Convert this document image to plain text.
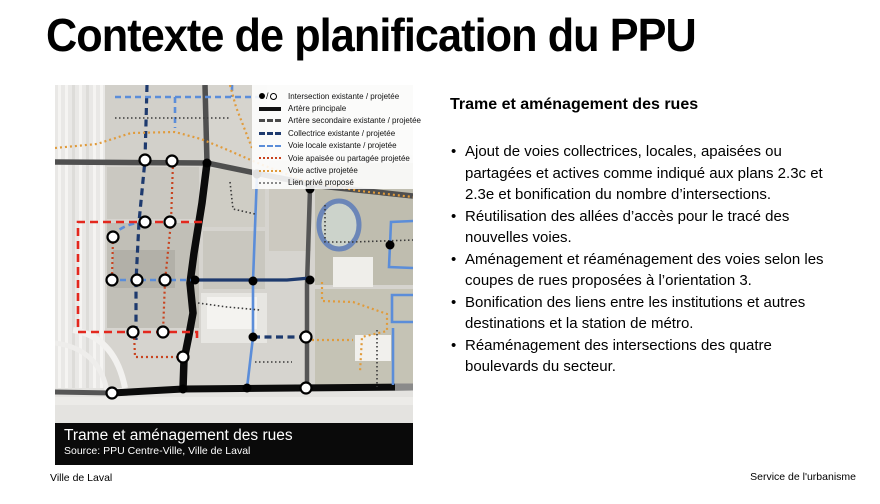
Contexte de planification du PPU
/	Intersection existante / projetée
Artère principale
Artère secondaire existante / projetée
Collectrice existante / projetée
Voie locale existante / projetée
Voie apaisée ou partagée projetée
Voie active projetée
Lien privé proposé
Trame et aménagement des rues
Source: PPU Centre-Ville, Ville de Laval
Trame et aménagement des rues
• Ajout de voies collectrices, locales, apaisées ou partagées et actives comme indiqué aux plans 2.3c et 2.3e et bonification du nombre d’intersections.
• Réutilisation des allées d’accès pour le tracé des nouvelles voies.
• Aménagement et réaménagement des voies selon les coupes de rues proposées à l’orientation 3.
• Bonification des liens entre les institutions et autres destinations et la station de métro.
• Réaménagement des intersections des quatre boulevards du secteur.
Ville de Laval	Service de l'urbanisme
